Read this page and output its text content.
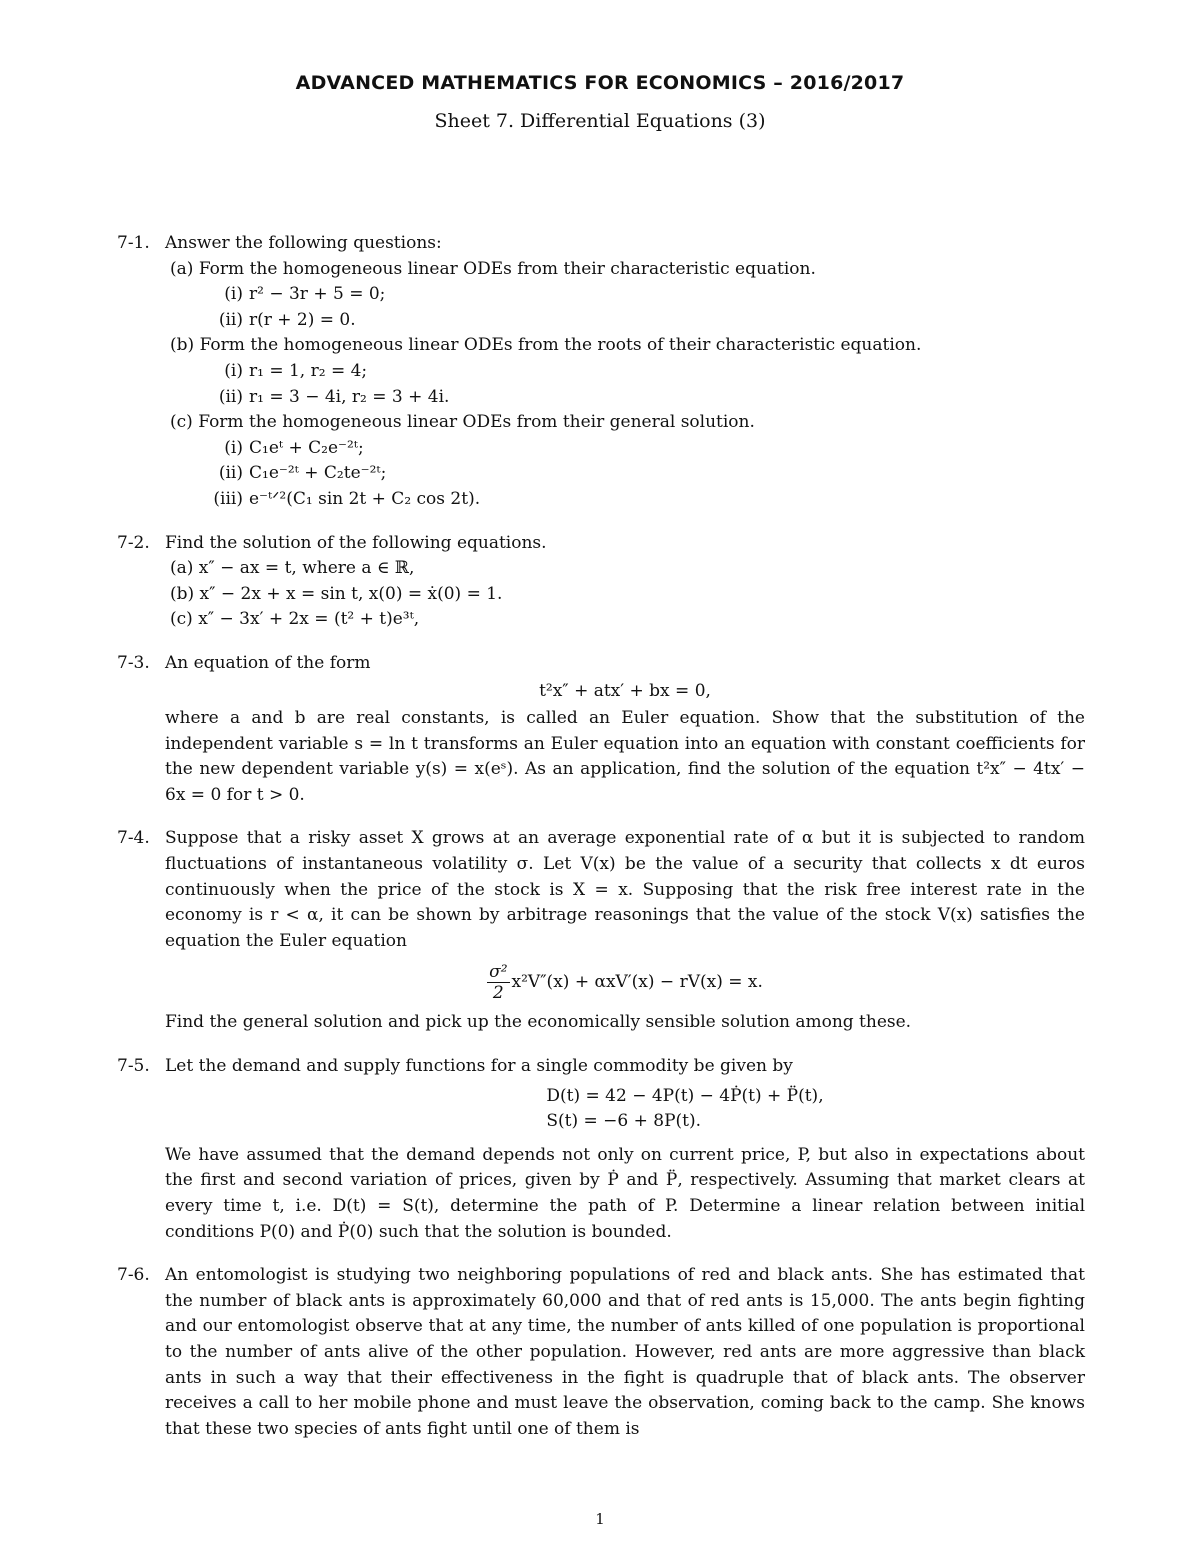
ADVANCED MATHEMATICS FOR ECONOMICS – 2016/2017

Sheet 7. Differential Equations (3)

7-1. Answer the following questions:
(a) Form the homogeneous linear ODEs from their characteristic equation.
(i) r² − 3r + 5 = 0;
(ii) r(r + 2) = 0.
(b) Form the homogeneous linear ODEs from the roots of their characteristic equation.
(i) r₁ = 1, r₂ = 4;
(ii) r₁ = 3 − 4i, r₂ = 3 + 4i.
(c) Form the homogeneous linear ODEs from their general solution.
(i) C₁eᵗ + C₂e⁻²ᵗ;
(ii) C₁e⁻²ᵗ + C₂te⁻²ᵗ;
(iii) e⁻ᵗᐟ²(C₁ sin 2t + C₂ cos 2t).
7-2. Find the solution of the following equations.
(a) x″ − ax = t, where a ∈ ℝ,
(b) x″ − 2x + x = sin t, x(0) = ẋ(0) = 1.
(c) x″ − 3x′ + 2x = (t² + t)e³ᵗ,
7-3. An equation of the form
t²x″ + atx′ + bx = 0,
where a and b are real constants, is called an Euler equation. Show that the substitution of the independent variable s = ln t transforms an Euler equation into an equation with constant coefficients for the new dependent variable y(s) = x(eˢ). As an application, find the solution of the equation t²x″ − 4tx′ − 6x = 0 for t > 0.
7-4. Suppose that a risky asset X grows at an average exponential rate of α but it is subjected to random fluctuations of instantaneous volatility σ. Let V(x) be the value of a security that collects x dt euros continuously when the price of the stock is X = x. Supposing that the risk free interest rate in the economy is r < α, it can be shown by arbitrage reasonings that the value of the stock V(x) satisfies the equation the Euler equation
$\frac{\text{σ²}}{2} x^2V''(x) + \alpha xV'(x) - rV(x) = x$.
Find the general solution and pick up the economically sensible solution among these.
7-5. Let the demand and supply functions for a single commodity be given by
D(t) = 42 − 4P(t) − 4Ṗ(t) + P̈(t),
S(t) = −6 + 8P(t).
We have assumed that the demand depends not only on current price, P, but also in expectations about the first and second variation of prices, given by Ṗ and P̈, respectively. Assuming that market clears at every time t, i.e. D(t) = S(t), determine the path of P. Determine a linear relation between initial conditions P(0) and Ṗ(0) such that the solution is bounded.
7-6. An entomologist is studying two neighboring populations of red and black ants. She has estimated that the number of black ants is approximately 60,000 and that of red ants is 15,000. The ants begin fighting and our entomologist observe that at any time, the number of ants killed of one population is proportional to the number of ants alive of the other population. However, red ants are more aggressive than black ants in such a way that their effectiveness in the fight is quadruple that of black ants. The observer receives a call to her mobile phone and must leave the observation, coming back to the camp. She knows that these two species of ants fight until one of them is
1
